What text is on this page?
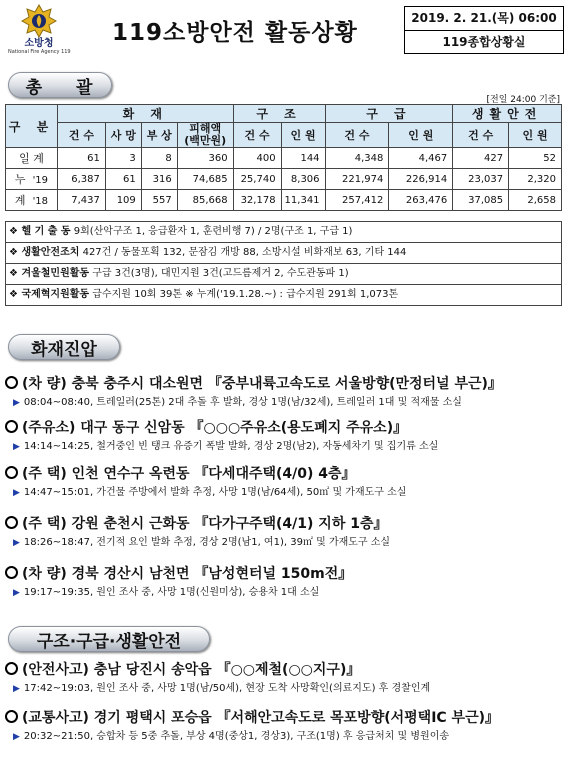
소방청
National Fire Agency 119
119소방안전 활동상황
2019. 2. 21.(목) 06:00
119종합상황실
총 괄
[전일 24:00 기준]
구 분	화 재				구 조		구 급		생활안전	
	건 수	사 망	부 상	피해액
(백만원)	건 수	인 원	건 수	인 원	건 수	인 원
일 계	61	3	8	360	400	144	4,348	4,467	427	52
누 '19	6,387	61	316	74,685	25,740	8,306	221,974	226,914	23,037	2,320
계 '18	7,437	109	557	85,668	32,178	11,341	257,412	263,476	37,085	2,658
❖ 헬 기 출 동 9회(산악구조 1, 응급환자 1, 훈련비행 7) / 2명(구조 1, 구급 1)
❖ 생활안전조치 427건 / 동물포획 132, 문잠김 개방 88, 소방시설 비화재보 63, 기타 144
❖ 겨울철민원활동 구급 3건(3명), 대민지원 3건(고드름제거 2, 수도관동파 1)
❖ 국제혁지원활동 급수지원 10회 39톤 ※ 누계('19.1.28.~) : 급수지원 291회 1,073톤
화재진압
(차 량) 충북 충주시 대소원면 『중부내륙고속도로 서울방향(만정터널 부근)』
▶ 08:04~08:40, 트레일러(25톤) 2대 추돌 후 발화, 경상 1명(남/32세), 트레일러 1대 및 적재물 소실
(주유소) 대구 동구 신암동 『○○○주유소(용도폐지 주유소)』
▶ 14:14~14:25, 철거중인 빈 탱크 유증기 폭발 발화, 경상 2명(남2), 자동세차기 및 집기류 소실
(주 택) 인천 연수구 옥련동 『다세대주택(4/0) 4층』
▶ 14:47~15:01, 가건물 주방에서 발화 추정, 사망 1명(남/64세), 50㎡ 및 가재도구 소실
(주 택) 강원 춘천시 근화동 『다가구주택(4/1) 지하 1층』
▶ 18:26~18:47, 전기적 요인 발화 추정, 경상 2명(남1, 여1), 39㎡ 및 가재도구 소실
(차 량) 경북 경산시 남천면 『남성현터널 150m전』
▶ 19:17~19:35, 원인 조사 중, 사망 1명(신원미상), 승용차 1대 소실
구조·구급·생활안전
(안전사고) 충남 당진시 송악읍 『○○제철(○○지구)』
▶ 17:42~19:03, 원인 조사 중, 사망 1명(남/50세), 현장 도착 사망확인(의료지도) 후 경찰인계
(교통사고) 경기 평택시 포승읍 『서해안고속도로 목포방향(서평택IC 부근)』
▶ 20:32~21:50, 승합차 등 5중 추돌, 부상 4명(중상1, 경상3), 구조(1명) 후 응급처치 및 병원이송
